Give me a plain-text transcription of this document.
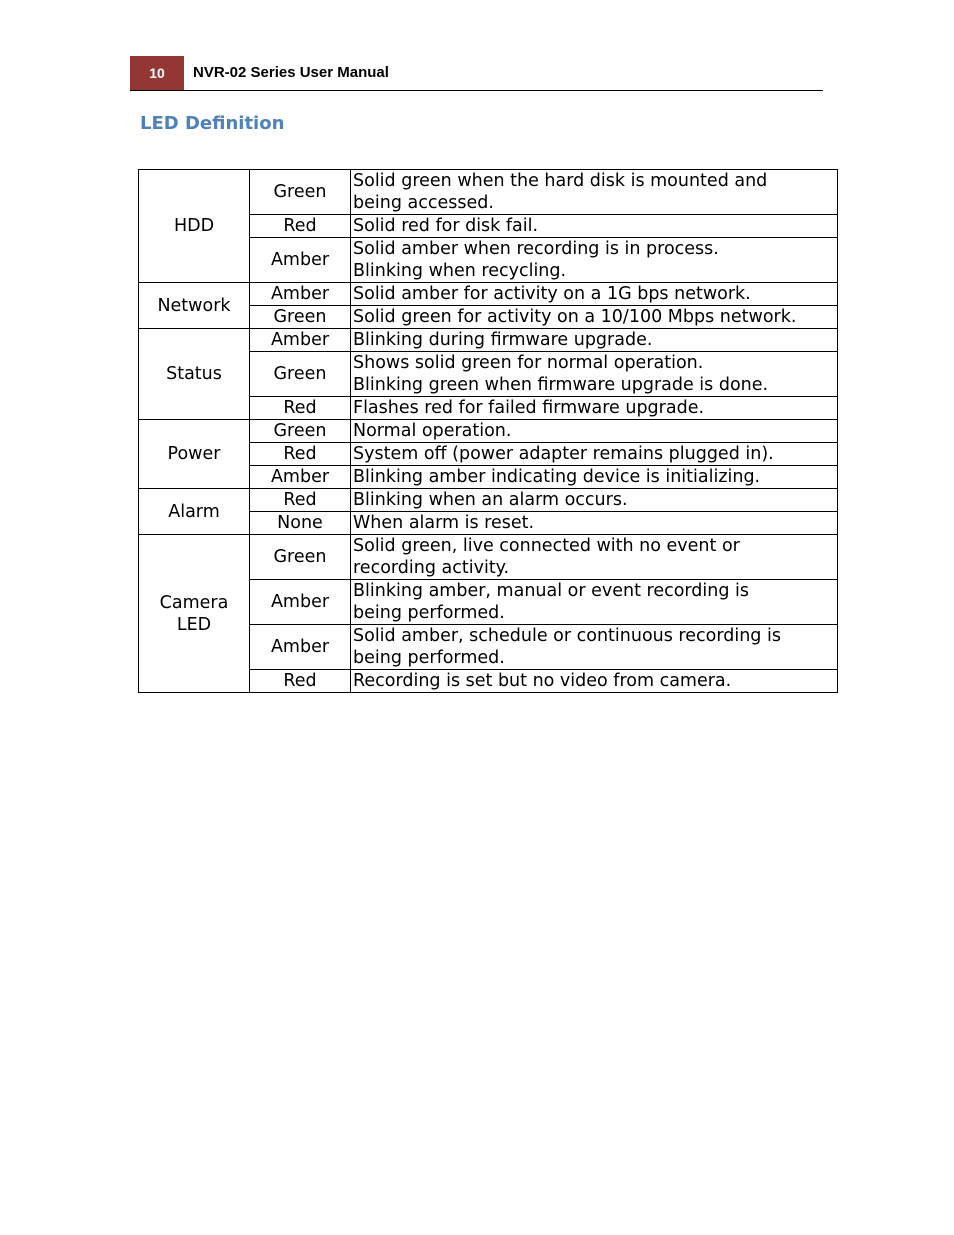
10	NVR-02 Series User Manual
LED Definition
HDD	Green	Solid green when the hard disk is mounted and
being accessed.
	Red	Solid red for disk fail.
	Amber	Solid amber when recording is in process.
Blinking when recycling.
Network	Amber	Solid amber for activity on a 1G bps network.
	Green	Solid green for activity on a 10/100 Mbps network.
Status	Amber	Blinking during firmware upgrade.
	Green	Shows solid green for normal operation.
Blinking green when firmware upgrade is done.
	Red	Flashes red for failed firmware upgrade.
Power	Green	Normal operation.
	Red	System off (power adapter remains plugged in).
	Amber	Blinking amber indicating device is initializing.
Alarm	Red	Blinking when an alarm occurs.
	None	When alarm is reset.
Camera
LED	Green	Solid green, live connected with no event or
recording activity.
	Amber	Blinking amber, manual or event recording is
being performed.
	Amber	Solid amber, schedule or continuous recording is
being performed.
	Red	Recording is set but no video from camera.
